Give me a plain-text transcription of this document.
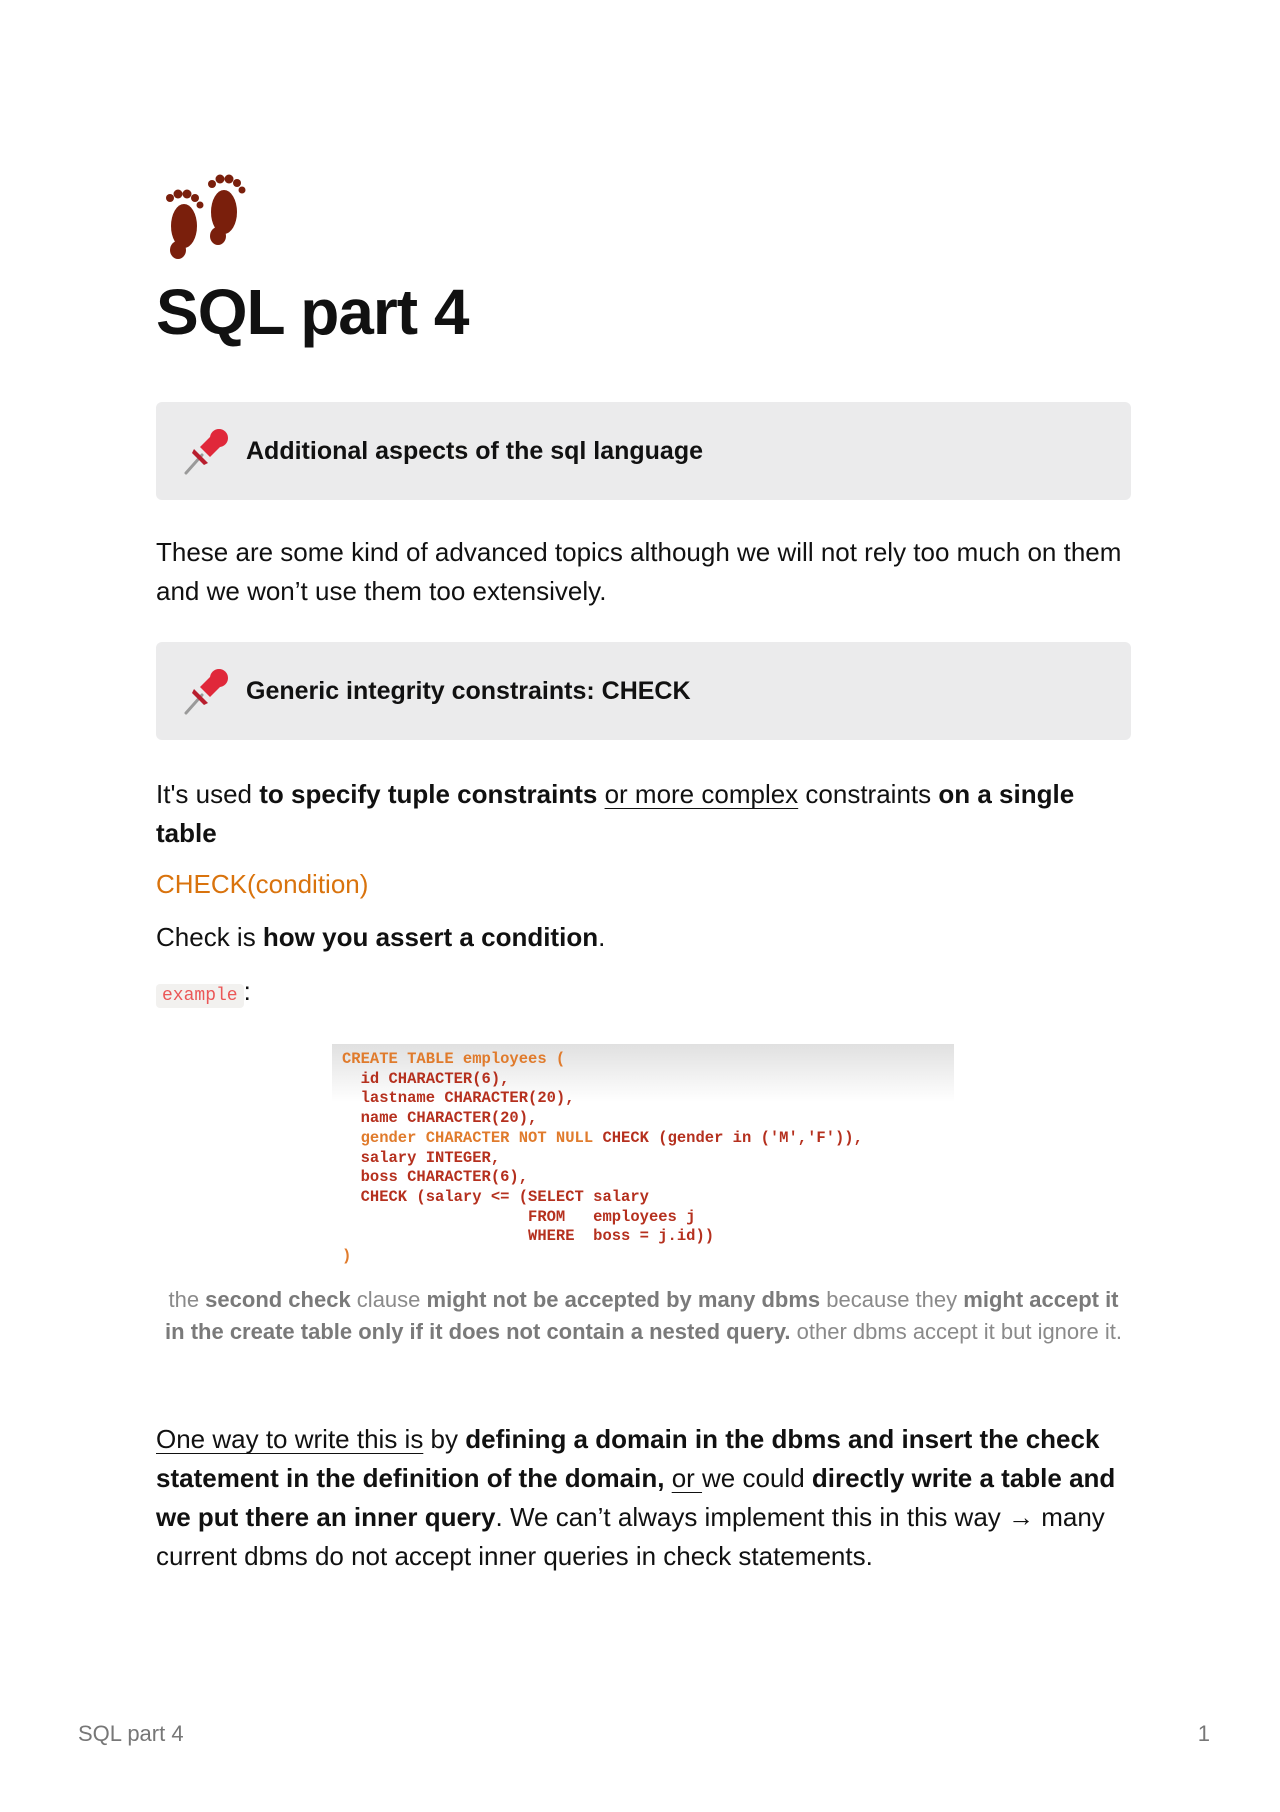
SQL part 4
Additional aspects of the sql language

These are some kind of advanced topics although we will not rely too much on them and we won’t use them too extensively.

Generic integrity constraints: CHECK

It's used to specify tuple constraints or more complex constraints on a single table

CHECK(condition)

Check is how you assert a condition.

example :

CREATE TABLE employees (
id CHARACTER(6),
lastname CHARACTER(20),
name CHARACTER(20),
gender CHARACTER NOT NULL CHECK (gender in ('M','F')),
salary INTEGER,
boss CHARACTER(6),
CHECK (salary <= (SELECT salary
FROM   employees j
WHERE  boss = j.id))
)

the second check clause might not be accepted by many dbms because they might accept it in the create table only if it does not contain a nested query. other dbms accept it but ignore it.

One way to write this is by defining a domain in the dbms and insert the check statement in the definition of the domain, or we could directly write a table and we put there an inner query. We can’t always implement this in this way → many current dbms do not accept inner queries in check statements.

SQL part 4	1
